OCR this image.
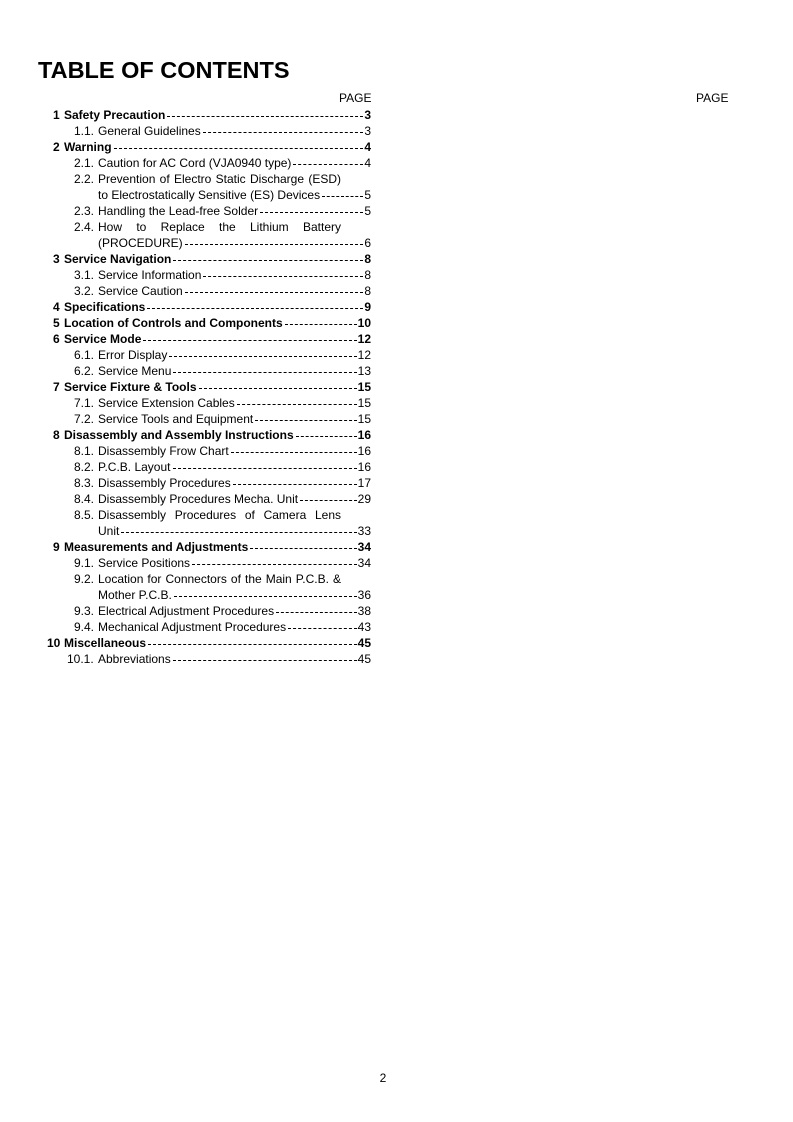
TABLE OF CONTENTS
PAGE	PAGE
1 Safety Precaution	3
1.1. General Guidelines	3
2 Warning	4
2.1. Caution for AC Cord (VJA0940 type)	4
2.2. Prevention of Electro Static Discharge (ESD)
to Electrostatically Sensitive (ES) Devices	5
2.3. Handling the Lead-free Solder	5
2.4. How to Replace the Lithium Battery
(PROCEDURE)	6
3 Service Navigation	8
3.1. Service Information	8
3.2. Service Caution	8
4 Specifications	9
5 Location of Controls and Components	10
6 Service Mode	12
6.1. Error Display	12
6.2. Service Menu	13
7 Service Fixture & Tools	15
7.1. Service Extension Cables	15
7.2. Service Tools and Equipment	15
8 Disassembly and Assembly Instructions	16
8.1. Disassembly Frow Chart	16
8.2. P.C.B. Layout	16
8.3. Disassembly Procedures	17
8.4. Disassembly Procedures Mecha. Unit	29
8.5. Disassembly Procedures of Camera Lens
Unit	33
9 Measurements and Adjustments	34
9.1. Service Positions	34
9.2. Location for Connectors of the Main P.C.B. &
Mother P.C.B.	36
9.3. Electrical Adjustment Procedures	38
9.4. Mechanical Adjustment Procedures	43
10 Miscellaneous	45
10.1. Abbreviations	45
2
